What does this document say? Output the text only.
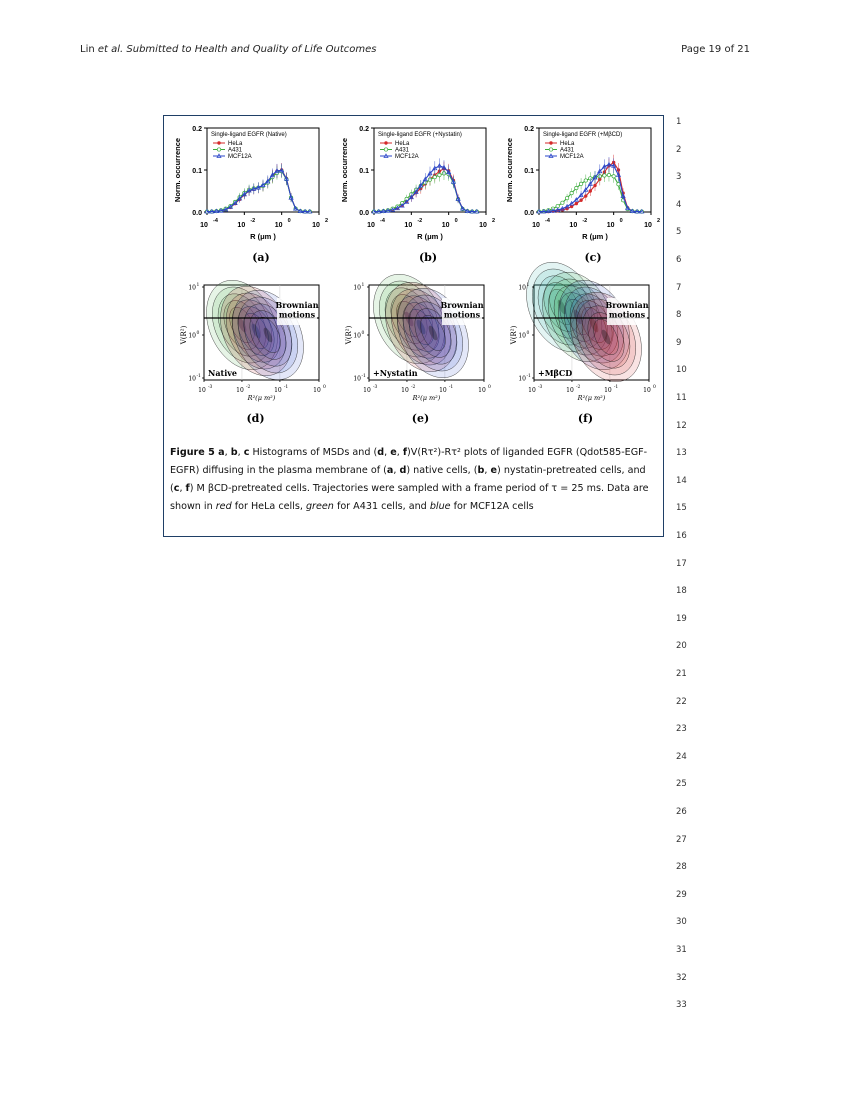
Lin et al. Submitted to Health and Quality of Life Outcomes	Page 19 of 21
1
2
3
4
5
6
7
8
9
10
11
12
13
14
15
16
17
18
19
20
21
22
23
24
25
26
27
28
29
30
31
32
33
0.0
0.1
0.2
Norm. occurrence
10
-4
10
-2
10
0
10
2
R (μm )
Single-ligand EGFR (Native)
HeLa
A431
MCF12A
(a)
0.0
0.1
0.2
Norm. occurrence
10
-4
10
-2
10
0
10
2
R (μm )
Single-ligand EGFR (+Nystatin)
HeLa
A431
MCF12A
(b)
0.0
0.1
0.2
Norm. occurrence
10
-4
10
-2
10
0
10
2
R (μm )
Single-ligand EGFR (+MβCD)
HeLa
A431
MCF12A
(c)
Brownian
motions
Native
10 1
10 0
10 -1
V(R²)
10 -3	10 -2	10 -1	10 0
R²(μ m²)
(d)
Brownian
motions
+Nystatin
10 1
10 0
10 -1
V(R²)
10 -3	10 -2	10 -1	10 0
R²(μ m²)
(e)
Brownian
motions
+MβCD
10 1
10 0
10 -1
V(R²)
10 -3	10 -2	10 -1	10 0
R²(μ m²)
(f)
Figure 5 a, b, c Histograms of MSDs and (d, e, f)V(Rτ²)-Rτ² plots of liganded EGFR (Qdot585-EGF-EGFR) diffusing in the plasma membrane of (a, d) native cells, (b, e) nystatin-pretreated cells, and (c, f) M βCD-pretreated cells. Trajectories were sampled with a frame period of τ = 25 ms. Data are shown in red for HeLa cells, green for A431 cells, and blue for MCF12A cells
